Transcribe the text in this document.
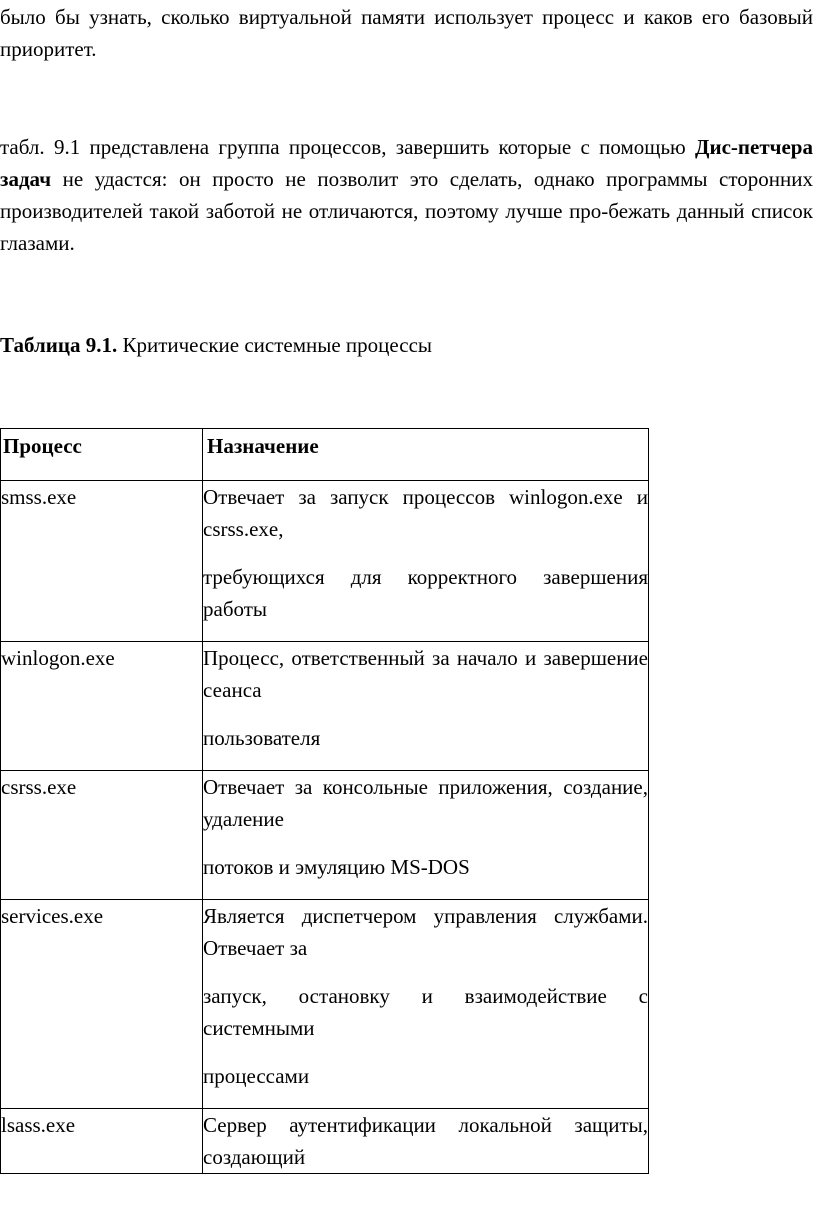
было бы узнать, сколько виртуальной памяти использует процесс и каков его базовый приоритет.

табл. 9.1 представлена группа процессов, завершить которые с помощью Дис-петчера задач не удастся: он просто не позволит это сделать, однако программы сторонних производителей такой заботой не отличаются, поэтому лучше про-бежать данный список глазами.

Таблица 9.1. Критические системные процессы

Процесс	Назначение
smss.exe	Отвечает за запуск процессов winlogon.exe и csrss.exe,

требующихся для корректного завершения работы

winlogon.exe	Процесс, ответственный за начало и завершение сеанса

пользователя

csrss.exe	Отвечает за консольные приложения, создание, удаление

потоков и эмуляцию MS-DOS

services.exe	Является диспетчером управления службами. Отвечает за

запуск, остановку и взаимодействие с системными

процессами

lsass.exe	Сервер аутентификации локальной защиты, создающий
